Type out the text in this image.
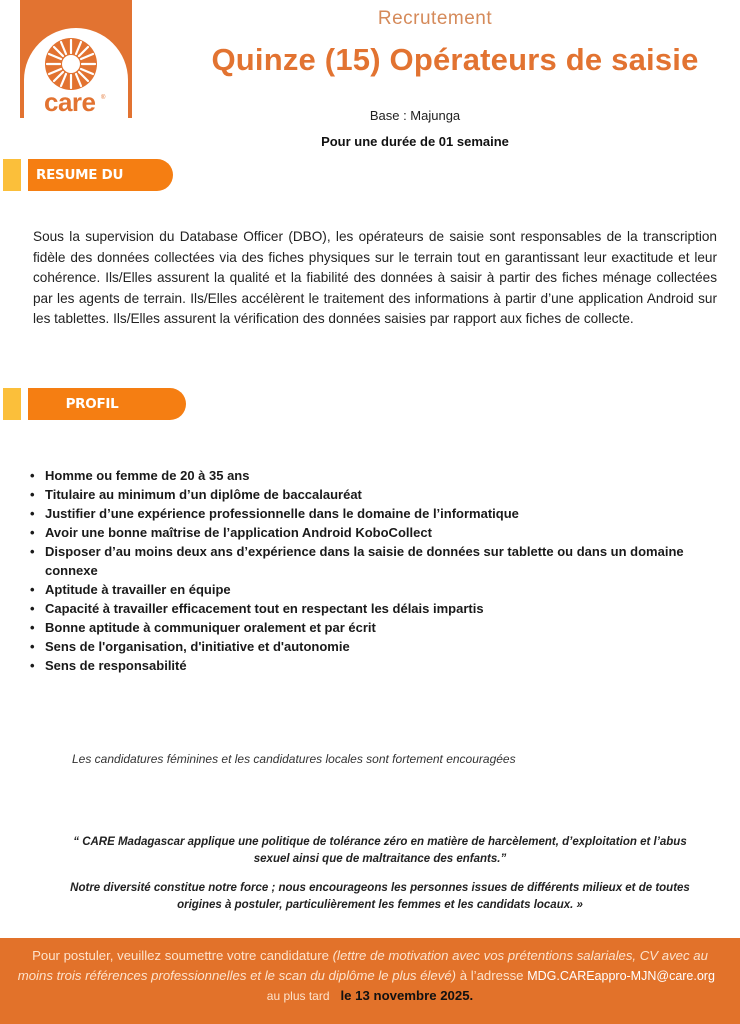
care ®
Recrutement
Quinze (15) Opérateurs de saisie
Base : Majunga
Pour une durée de 01 semaine
RESUME DU POSTE
Sous la supervision du Database Officer (DBO), les opérateurs de saisie sont responsables de la transcription fidèle des données collectées via des fiches physiques sur le terrain tout en garantissant leur exactitude et leur cohérence. Ils/Elles assurent la qualité et la fiabilité des données à saisir à partir des fiches ménage collectées par les agents de terrain. Ils/Elles accélèrent le traitement des informations à partir d’une application Android sur les tablettes. Ils/Elles assurent la vérification des données saisies par rapport aux fiches de collecte.
PROFIL
• Homme ou femme de 20 à 35 ans
• Titulaire au minimum d’un diplôme de baccalauréat
• Justifier d’une expérience professionnelle dans le domaine de l’informatique
• Avoir une bonne maîtrise de l’application Android KoboCollect
• Disposer d’au moins deux ans d’expérience dans la saisie de données sur tablette ou dans un domaine connexe
• Aptitude à travailler en équipe
• Capacité à travailler efficacement tout en respectant les délais impartis
• Bonne aptitude à communiquer oralement et par écrit
• Sens de l'organisation, d'initiative et d'autonomie
• Sens de responsabilité
Les candidatures féminines et les candidatures locales sont fortement encouragées
“ CARE Madagascar applique une politique de tolérance zéro en matière de harcèlement, d’exploitation et l’abus sexuel ainsi que de maltraitance des enfants.”
Notre diversité constitue notre force ; nous encourageons les personnes issues de différents milieux et de toutes origines à postuler, particulièrement les femmes et les candidats locaux. »
Pour postuler, veuillez soumettre votre candidature (lettre de motivation avec vos prétentions salariales, CV avec au moins trois références professionnelles et le scan du diplôme le plus élevé) à l’adresse MDG.CAREappro-MJN@care.org   au plus tard le 13 novembre 2025.
